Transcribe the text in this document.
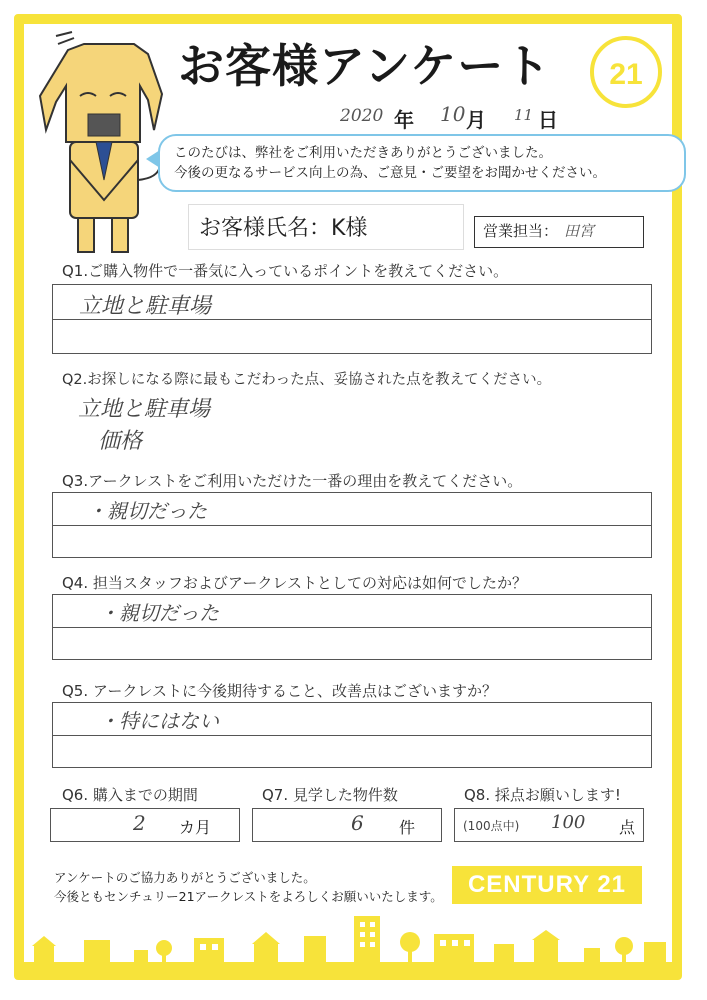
お客様アンケート 21
2020 年 10 月 11 日
このたびは、弊社をご利用いただきありがとうございました。
今後の更なるサービス向上の為、ご意見・ご要望をお聞かせください。
お客様氏名：K様	営業担当： 田宮
Q1.ご購入物件で一番気に入っているポイントを教えてください。
立地と駐車場
Q2.お探しになる際に最もこだわった点、妥協された点を教えてください。
立地と駐車場
価格
Q3.アークレストをご利用いただけた一番の理由を教えてください。
・親切だった
Q4. 担当スタッフおよびアークレストとしての対応は如何でしたか？
・親切だった
Q5. アークレストに今後期待すること、改善点はございますか？
・特にはない
Q6. 購入までの期間
2 カ月
Q7. 見学した物件数
6 件
Q8. 採点お願いします!
(100点中) 100 点
アンケートのご協力ありがとうございました。
今後ともセンチュリー21アークレストをよろしくお願いいたします。	CENTURY 21
